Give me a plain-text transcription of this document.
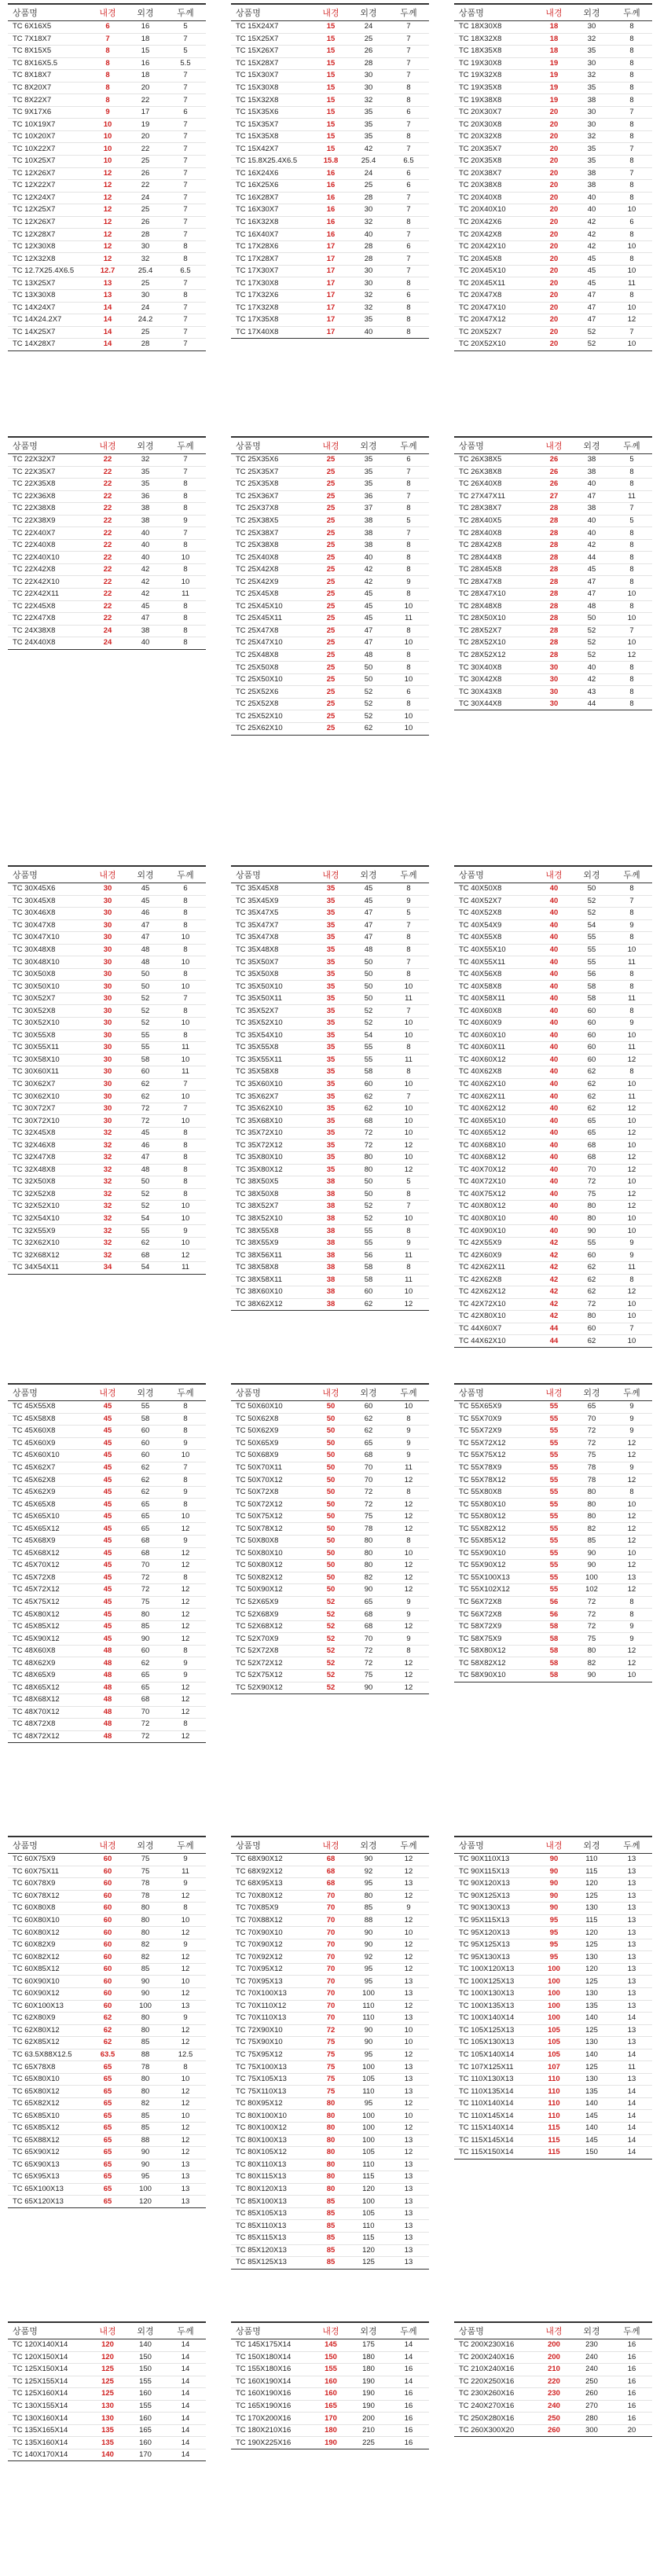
상품명	내경	외경	두께
TC 6X16X5	6	16	5
TC 7X18X7	7	18	7
TC 8X15X5	8	15	5
TC 8X16X5.5	8	16	5.5
TC 8X18X7	8	18	7
TC 8X20X7	8	20	7
TC 8X22X7	8	22	7
TC 9X17X6	9	17	6
TC 10X19X7	10	19	7
TC 10X20X7	10	20	7
TC 10X22X7	10	22	7
TC 10X25X7	10	25	7
TC 12X26X7	12	26	7
TC 12X22X7	12	22	7
TC 12X24X7	12	24	7
TC 12X25X7	12	25	7
TC 12X26X7	12	26	7
TC 12X28X7	12	28	7
TC 12X30X8	12	30	8
TC 12X32X8	12	32	8
TC 12.7X25.4X6.5	12.7	25.4	6.5
TC 13X25X7	13	25	7
TC 13X30X8	13	30	8
TC 14X24X7	14	24	7
TC 14X24.2X7	14	24.2	7
TC 14X25X7	14	25	7
TC 14X28X7	14	28	7
상품명	내경	외경	두께
TC 15X24X7	15	24	7
TC 15X25X7	15	25	7
TC 15X26X7	15	26	7
TC 15X28X7	15	28	7
TC 15X30X7	15	30	7
TC 15X30X8	15	30	8
TC 15X32X8	15	32	8
TC 15X35X6	15	35	6
TC 15X35X7	15	35	7
TC 15X35X8	15	35	8
TC 15X42X7	15	42	7
TC 15.8X25.4X6.5	15.8	25.4	6.5
TC 16X24X6	16	24	6
TC 16X25X6	16	25	6
TC 16X28X7	16	28	7
TC 16X30X7	16	30	7
TC 16X32X8	16	32	8
TC 16X40X7	16	40	7
TC 17X28X6	17	28	6
TC 17X28X7	17	28	7
TC 17X30X7	17	30	7
TC 17X30X8	17	30	8
TC 17X32X6	17	32	6
TC 17X32X8	17	32	8
TC 17X35X8	17	35	8
TC 17X40X8	17	40	8
상품명	내경	외경	두께
TC 18X30X8	18	30	8
TC 18X32X8	18	32	8
TC 18X35X8	18	35	8
TC 19X30X8	19	30	8
TC 19X32X8	19	32	8
TC 19X35X8	19	35	8
TC 19X38X8	19	38	8
TC 20X30X7	20	30	7
TC 20X30X8	20	30	8
TC 20X32X8	20	32	8
TC 20X35X7	20	35	7
TC 20X35X8	20	35	8
TC 20X38X7	20	38	7
TC 20X38X8	20	38	8
TC 20X40X8	20	40	8
TC 20X40X10	20	40	10
TC 20X42X6	20	42	6
TC 20X42X8	20	42	8
TC 20X42X10	20	42	10
TC 20X45X8	20	45	8
TC 20X45X10	20	45	10
TC 20X45X11	20	45	11
TC 20X47X8	20	47	8
TC 20X47X10	20	47	10
TC 20X47X12	20	47	12
TC 20X52X7	20	52	7
TC 20X52X10	20	52	10
상품명	내경	외경	두께
TC 22X32X7	22	32	7
TC 22X35X7	22	35	7
TC 22X35X8	22	35	8
TC 22X36X8	22	36	8
TC 22X38X8	22	38	8
TC 22X38X9	22	38	9
TC 22X40X7	22	40	7
TC 22X40X8	22	40	8
TC 22X40X10	22	40	10
TC 22X42X8	22	42	8
TC 22X42X10	22	42	10
TC 22X42X11	22	42	11
TC 22X45X8	22	45	8
TC 22X47X8	22	47	8
TC 24X38X8	24	38	8
TC 24X40X8	24	40	8
상품명	내경	외경	두께
TC 25X35X6	25	35	6
TC 25X35X7	25	35	7
TC 25X35X8	25	35	8
TC 25X36X7	25	36	7
TC 25X37X8	25	37	8
TC 25X38X5	25	38	5
TC 25X38X7	25	38	7
TC 25X38X8	25	38	8
TC 25X40X8	25	40	8
TC 25X42X8	25	42	8
TC 25X42X9	25	42	9
TC 25X45X8	25	45	8
TC 25X45X10	25	45	10
TC 25X45X11	25	45	11
TC 25X47X8	25	47	8
TC 25X47X10	25	47	10
TC 25X48X8	25	48	8
TC 25X50X8	25	50	8
TC 25X50X10	25	50	10
TC 25X52X6	25	52	6
TC 25X52X8	25	52	8
TC 25X52X10	25	52	10
TC 25X62X10	25	62	10
상품명	내경	외경	두께
TC 26X38X5	26	38	5
TC 26X38X8	26	38	8
TC 26X40X8	26	40	8
TC 27X47X11	27	47	11
TC 28X38X7	28	38	7
TC 28X40X5	28	40	5
TC 28X40X8	28	40	8
TC 28X42X8	28	42	8
TC 28X44X8	28	44	8
TC 28X45X8	28	45	8
TC 28X47X8	28	47	8
TC 28X47X10	28	47	10
TC 28X48X8	28	48	8
TC 28X50X10	28	50	10
TC 28X52X7	28	52	7
TC 28X52X10	28	52	10
TC 28X52X12	28	52	12
TC 30X40X8	30	40	8
TC 30X42X8	30	42	8
TC 30X43X8	30	43	8
TC 30X44X8	30	44	8
상품명	내경	외경	두께
TC 30X45X6	30	45	6
TC 30X45X8	30	45	8
TC 30X46X8	30	46	8
TC 30X47X8	30	47	8
TC 30X47X10	30	47	10
TC 30X48X8	30	48	8
TC 30X48X10	30	48	10
TC 30X50X8	30	50	8
TC 30X50X10	30	50	10
TC 30X52X7	30	52	7
TC 30X52X8	30	52	8
TC 30X52X10	30	52	10
TC 30X55X8	30	55	8
TC 30X55X11	30	55	11
TC 30X58X10	30	58	10
TC 30X60X11	30	60	11
TC 30X62X7	30	62	7
TC 30X62X10	30	62	10
TC 30X72X7	30	72	7
TC 30X72X10	30	72	10
TC 32X45X8	32	45	8
TC 32X46X8	32	46	8
TC 32X47X8	32	47	8
TC 32X48X8	32	48	8
TC 32X50X8	32	50	8
TC 32X52X8	32	52	8
TC 32X52X10	32	52	10
TC 32X54X10	32	54	10
TC 32X55X9	32	55	9
TC 32X62X10	32	62	10
TC 32X68X12	32	68	12
TC 34X54X11	34	54	11
상품명	내경	외경	두께
TC 35X45X8	35	45	8
TC 35X45X9	35	45	9
TC 35X47X5	35	47	5
TC 35X47X7	35	47	7
TC 35X47X8	35	47	8
TC 35X48X8	35	48	8
TC 35X50X7	35	50	7
TC 35X50X8	35	50	8
TC 35X50X10	35	50	10
TC 35X50X11	35	50	11
TC 35X52X7	35	52	7
TC 35X52X10	35	52	10
TC 35X54X10	35	54	10
TC 35X55X8	35	55	8
TC 35X55X11	35	55	11
TC 35X58X8	35	58	8
TC 35X60X10	35	60	10
TC 35X62X7	35	62	7
TC 35X62X10	35	62	10
TC 35X68X10	35	68	10
TC 35X72X10	35	72	10
TC 35X72X12	35	72	12
TC 35X80X10	35	80	10
TC 35X80X12	35	80	12
TC 38X50X5	38	50	5
TC 38X50X8	38	50	8
TC 38X52X7	38	52	7
TC 38X52X10	38	52	10
TC 38X55X8	38	55	8
TC 38X55X9	38	55	9
TC 38X56X11	38	56	11
TC 38X58X8	38	58	8
TC 38X58X11	38	58	11
TC 38X60X10	38	60	10
TC 38X62X12	38	62	12
상품명	내경	외경	두께
TC 40X50X8	40	50	8
TC 40X52X7	40	52	7
TC 40X52X8	40	52	8
TC 40X54X9	40	54	9
TC 40X55X8	40	55	8
TC 40X55X10	40	55	10
TC 40X55X11	40	55	11
TC 40X56X8	40	56	8
TC 40X58X8	40	58	8
TC 40X58X11	40	58	11
TC 40X60X8	40	60	8
TC 40X60X9	40	60	9
TC 40X60X10	40	60	10
TC 40X60X11	40	60	11
TC 40X60X12	40	60	12
TC 40X62X8	40	62	8
TC 40X62X10	40	62	10
TC 40X62X11	40	62	11
TC 40X62X12	40	62	12
TC 40X65X10	40	65	10
TC 40X65X12	40	65	12
TC 40X68X10	40	68	10
TC 40X68X12	40	68	12
TC 40X70X12	40	70	12
TC 40X72X10	40	72	10
TC 40X75X12	40	75	12
TC 40X80X12	40	80	12
TC 40X80X10	40	80	10
TC 40X90X10	40	90	10
TC 42X55X9	42	55	9
TC 42X60X9	42	60	9
TC 42X62X11	42	62	11
TC 42X62X8	42	62	8
TC 42X62X12	42	62	12
TC 42X72X10	42	72	10
TC 42X80X10	42	80	10
TC 44X60X7	44	60	7
TC 44X62X10	44	62	10
상품명	내경	외경	두께
TC 45X55X8	45	55	8
TC 45X58X8	45	58	8
TC 45X60X8	45	60	8
TC 45X60X9	45	60	9
TC 45X60X10	45	60	10
TC 45X62X7	45	62	7
TC 45X62X8	45	62	8
TC 45X62X9	45	62	9
TC 45X65X8	45	65	8
TC 45X65X10	45	65	10
TC 45X65X12	45	65	12
TC 45X68X9	45	68	9
TC 45X68X12	45	68	12
TC 45X70X12	45	70	12
TC 45X72X8	45	72	8
TC 45X72X12	45	72	12
TC 45X75X12	45	75	12
TC 45X80X12	45	80	12
TC 45X85X12	45	85	12
TC 45X90X12	45	90	12
TC 48X60X8	48	60	8
TC 48X62X9	48	62	9
TC 48X65X9	48	65	9
TC 48X65X12	48	65	12
TC 48X68X12	48	68	12
TC 48X70X12	48	70	12
TC 48X72X8	48	72	8
TC 48X72X12	48	72	12
상품명	내경	외경	두께
TC 50X60X10	50	60	10
TC 50X62X8	50	62	8
TC 50X62X9	50	62	9
TC 50X65X9	50	65	9
TC 50X68X9	50	68	9
TC 50X70X11	50	70	11
TC 50X70X12	50	70	12
TC 50X72X8	50	72	8
TC 50X72X12	50	72	12
TC 50X75X12	50	75	12
TC 50X78X12	50	78	12
TC 50X80X8	50	80	8
TC 50X80X10	50	80	10
TC 50X80X12	50	80	12
TC 50X82X12	50	82	12
TC 50X90X12	50	90	12
TC 52X65X9	52	65	9
TC 52X68X9	52	68	9
TC 52X68X12	52	68	12
TC 52X70X9	52	70	9
TC 52X72X8	52	72	8
TC 52X72X12	52	72	12
TC 52X75X12	52	75	12
TC 52X90X12	52	90	12
상품명	내경	외경	두께
TC 55X65X9	55	65	9
TC 55X70X9	55	70	9
TC 55X72X9	55	72	9
TC 55X72X12	55	72	12
TC 55X75X12	55	75	12
TC 55X78X9	55	78	9
TC 55X78X12	55	78	12
TC 55X80X8	55	80	8
TC 55X80X10	55	80	10
TC 55X80X12	55	80	12
TC 55X82X12	55	82	12
TC 55X85X12	55	85	12
TC 55X90X10	55	90	10
TC 55X90X12	55	90	12
TC 55X100X13	55	100	13
TC 55X102X12	55	102	12
TC 56X72X8	56	72	8
TC 56X72X8	56	72	8
TC 58X72X9	58	72	9
TC 58X75X9	58	75	9
TC 58X80X12	58	80	12
TC 58X82X12	58	82	12
TC 58X90X10	58	90	10
상품명	내경	외경	두께
TC 60X75X9	60	75	9
TC 60X75X11	60	75	11
TC 60X78X9	60	78	9
TC 60X78X12	60	78	12
TC 60X80X8	60	80	8
TC 60X80X10	60	80	10
TC 60X80X12	60	80	12
TC 60X82X9	60	82	9
TC 60X82X12	60	82	12
TC 60X85X12	60	85	12
TC 60X90X10	60	90	10
TC 60X90X12	60	90	12
TC 60X100X13	60	100	13
TC 62X80X9	62	80	9
TC 62X80X12	62	80	12
TC 62X85X12	62	85	12
TC 63.5X88X12.5	63.5	88	12.5
TC 65X78X8	65	78	8
TC 65X80X10	65	80	10
TC 65X80X12	65	80	12
TC 65X82X12	65	82	12
TC 65X85X10	65	85	10
TC 65X85X12	65	85	12
TC 65X88X12	65	88	12
TC 65X90X12	65	90	12
TC 65X90X13	65	90	13
TC 65X95X13	65	95	13
TC 65X100X13	65	100	13
TC 65X120X13	65	120	13
상품명	내경	외경	두께
TC 68X90X12	68	90	12
TC 68X92X12	68	92	12
TC 68X95X13	68	95	13
TC 70X80X12	70	80	12
TC 70X85X9	70	85	9
TC 70X88X12	70	88	12
TC 70X90X10	70	90	10
TC 70X90X12	70	90	12
TC 70X92X12	70	92	12
TC 70X95X12	70	95	12
TC 70X95X13	70	95	13
TC 70X100X13	70	100	13
TC 70X110X12	70	110	12
TC 70X110X13	70	110	13
TC 72X90X10	72	90	10
TC 75X90X10	75	90	10
TC 75X95X12	75	95	12
TC 75X100X13	75	100	13
TC 75X105X13	75	105	13
TC 75X110X13	75	110	13
TC 80X95X12	80	95	12
TC 80X100X10	80	100	10
TC 80X100X12	80	100	12
TC 80X100X13	80	100	13
TC 80X105X12	80	105	12
TC 80X110X13	80	110	13
TC 80X115X13	80	115	13
TC 80X120X13	80	120	13
TC 85X100X13	85	100	13
TC 85X105X13	85	105	13
TC 85X110X13	85	110	13
TC 85X115X13	85	115	13
TC 85X120X13	85	120	13
TC 85X125X13	85	125	13
상품명	내경	외경	두께
TC 90X110X13	90	110	13
TC 90X115X13	90	115	13
TC 90X120X13	90	120	13
TC 90X125X13	90	125	13
TC 90X130X13	90	130	13
TC 95X115X13	95	115	13
TC 95X120X13	95	120	13
TC 95X125X13	95	125	13
TC 95X130X13	95	130	13
TC 100X120X13	100	120	13
TC 100X125X13	100	125	13
TC 100X130X13	100	130	13
TC 100X135X13	100	135	13
TC 100X140X14	100	140	14
TC 105X125X13	105	125	13
TC 105X130X13	105	130	13
TC 105X140X14	105	140	14
TC 107X125X11	107	125	11
TC 110X130X13	110	130	13
TC 110X135X14	110	135	14
TC 110X140X14	110	140	14
TC 110X145X14	110	145	14
TC 115X140X14	115	140	14
TC 115X145X14	115	145	14
TC 115X150X14	115	150	14
상품명	내경	외경	두께
TC 120X140X14	120	140	14
TC 120X150X14	120	150	14
TC 125X150X14	125	150	14
TC 125X155X14	125	155	14
TC 125X160X14	125	160	14
TC 130X155X14	130	155	14
TC 130X160X14	130	160	14
TC 135X165X14	135	165	14
TC 135X160X14	135	160	14
TC 140X170X14	140	170	14
상품명	내경	외경	두께
TC 145X175X14	145	175	14
TC 150X180X14	150	180	14
TC 155X180X16	155	180	16
TC 160X190X14	160	190	14
TC 160X190X16	160	190	16
TC 165X190X16	165	190	16
TC 170X200X16	170	200	16
TC 180X210X16	180	210	16
TC 190X225X16	190	225	16
상품명	내경	외경	두께
TC 200X230X16	200	230	16
TC 200X240X16	200	240	16
TC 210X240X16	210	240	16
TC 220X250X16	220	250	16
TC 230X260X16	230	260	16
TC 240X270X16	240	270	16
TC 250X280X16	250	280	16
TC 260X300X20	260	300	20
